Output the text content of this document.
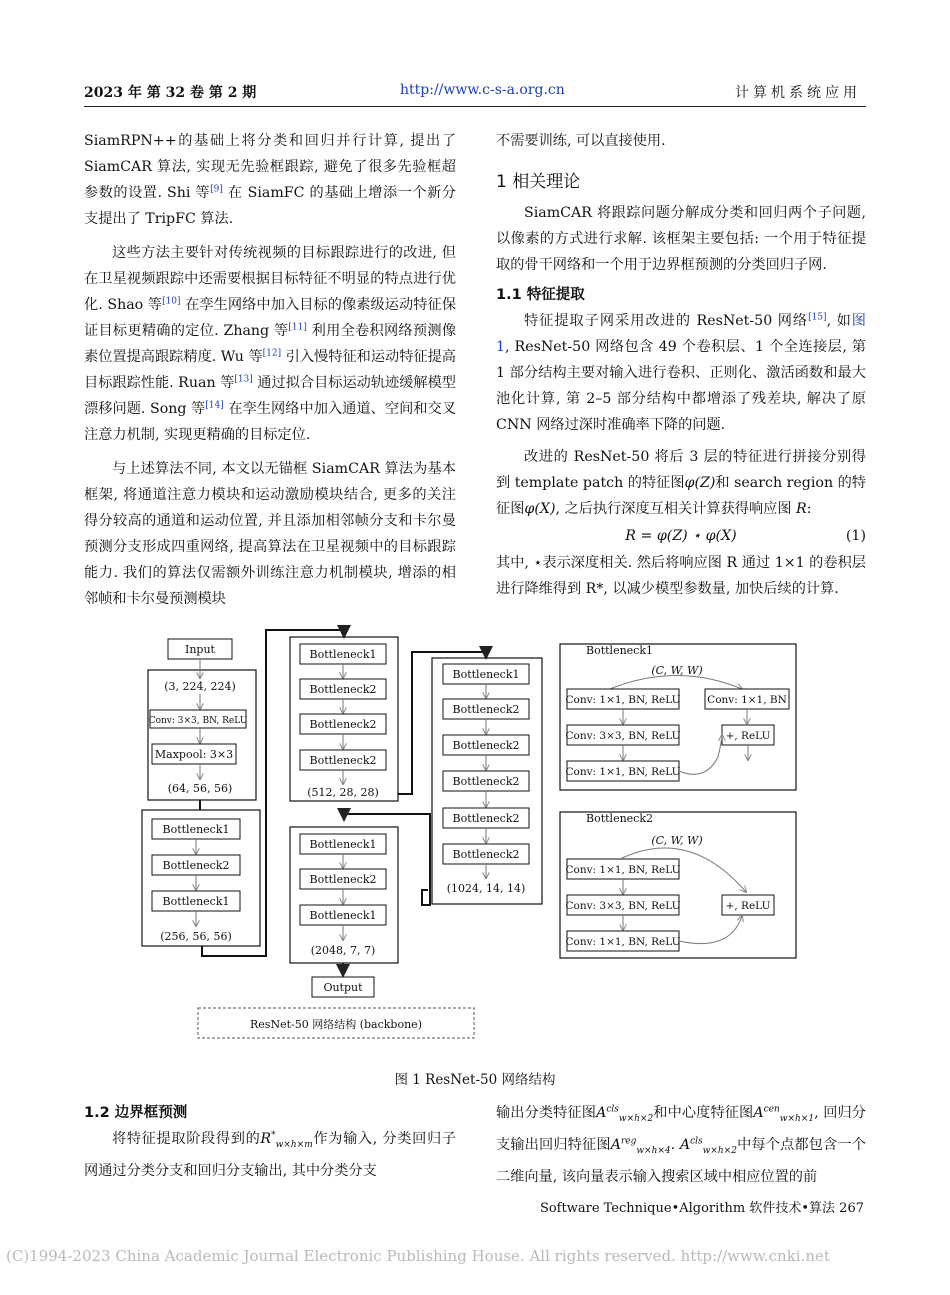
2023 年 第 32 卷 第 2 期	http://www.c-s-a.org.cn	计算机系统应用

SiamRPN++的基础上将分类和回归并行计算, 提出了SiamCAR 算法, 实现无先验框跟踪, 避免了很多先验框超参数的设置. Shi 等[9] 在 SiamFC 的基础上增添一个新分支提出了 TripFC 算法.

这些方法主要针对传统视频的目标跟踪进行的改进, 但在卫星视频跟踪中还需要根据目标特征不明显的特点进行优化. Shao 等[10] 在孪生网络中加入目标的像素级运动特征保证目标更精确的定位. Zhang 等[11] 利用全卷积网络预测像素位置提高跟踪精度. Wu 等[12] 引入慢特征和运动特征提高目标跟踪性能. Ruan 等[13] 通过拟合目标运动轨迹缓解模型漂移问题. Song 等[14] 在孪生网络中加入通道、空间和交叉注意力机制, 实现更精确的目标定位.

与上述算法不同, 本文以无锚框 SiamCAR 算法为基本框架, 将通道注意力模块和运动激励模块结合, 更多的关注得分较高的通道和运动位置, 并且添加相邻帧分支和卡尔曼预测分支形成四重网络, 提高算法在卫星视频中的目标跟踪能力. 我们的算法仅需额外训练注意力机制模块, 增添的相邻帧和卡尔曼预测模块

不需要训练, 可以直接使用.

1 相关理论

SiamCAR 将跟踪问题分解成分类和回归两个子问题, 以像素的方式进行求解. 该框架主要包括: 一个用于特征提取的骨干网络和一个用于边界框预测的分类回归子网.

1.1 特征提取

特征提取子网采用改进的 ResNet-50 网络[15], 如图 1, ResNet-50 网络包含 49 个卷积层、1 个全连接层, 第 1 部分结构主要对输入进行卷积、正则化、激活函数和最大池化计算, 第 2–5 部分结构中都增添了残差块, 解决了原 CNN 网络过深时准确率下降的问题.

改进的 ResNet-50 将后 3 层的特征进行拼接分别得到 template patch 的特征图φ(Z)和 search region 的特征图φ(X), 之后执行深度互相关计算获得响应图 R:

R = φ(Z) ⋆ φ(X)	(1)

其中, ⋆表示深度相关. 然后将响应图 R 通过 1×1 的卷积层进行降维得到 R*, 以减少模型参数量, 加快后续的计算.

Input
(3, 224, 224)
Conv: 3×3, BN, ReLU
Maxpool: 3×3
(64, 56, 56)
Bottleneck1
Bottleneck2
Bottleneck1
(256, 56, 56)
Bottleneck1
Bottleneck2
Bottleneck2
Bottleneck2
(512, 28, 28)
Bottleneck1
Bottleneck2
Bottleneck2
Bottleneck2
Bottleneck2
Bottleneck2
(1024, 14, 14)
Bottleneck1
Bottleneck2
Bottleneck1
(2048, 7, 7)
Output
ResNet-50 网络结构 (backbone)
Bottleneck1
(C, W, W)
Conv: 1×1, BN, ReLU	Conv: 1×1, BN
Conv: 3×3, BN, ReLU
Conv: 1×1, BN, ReLU
+, ReLU
Bottleneck2
(C, W, W)
Conv: 1×1, BN, ReLU
Conv: 3×3, BN, ReLU
Conv: 1×1, BN, ReLU
+, ReLU
图 1 ResNet-50 网络结构
1.2 边界框预测

将特征提取阶段得到的$R^*_{w\times h\times m}$作为输入, 分类回归子网通过分类分支和回归分支输出, 其中分类分支

输出分类特征图$A^{cls}_{w\times h\times 2}$和中心度特征图$A^{cen}_{w\times h\times 1}$, 回归分支输出回归特征图$A^{reg}_{w\times h\times 4}$. $A^{cls}_{w\times h\times 2}$中每个点都包含一个二维向量, 该向量表示输入搜索区域中相应位置的前

Software Technique•Algorithm 软件技术•算法 267
(C)1994-2023 China Academic Journal Electronic Publishing House. All rights reserved. http://www.cnki.net
